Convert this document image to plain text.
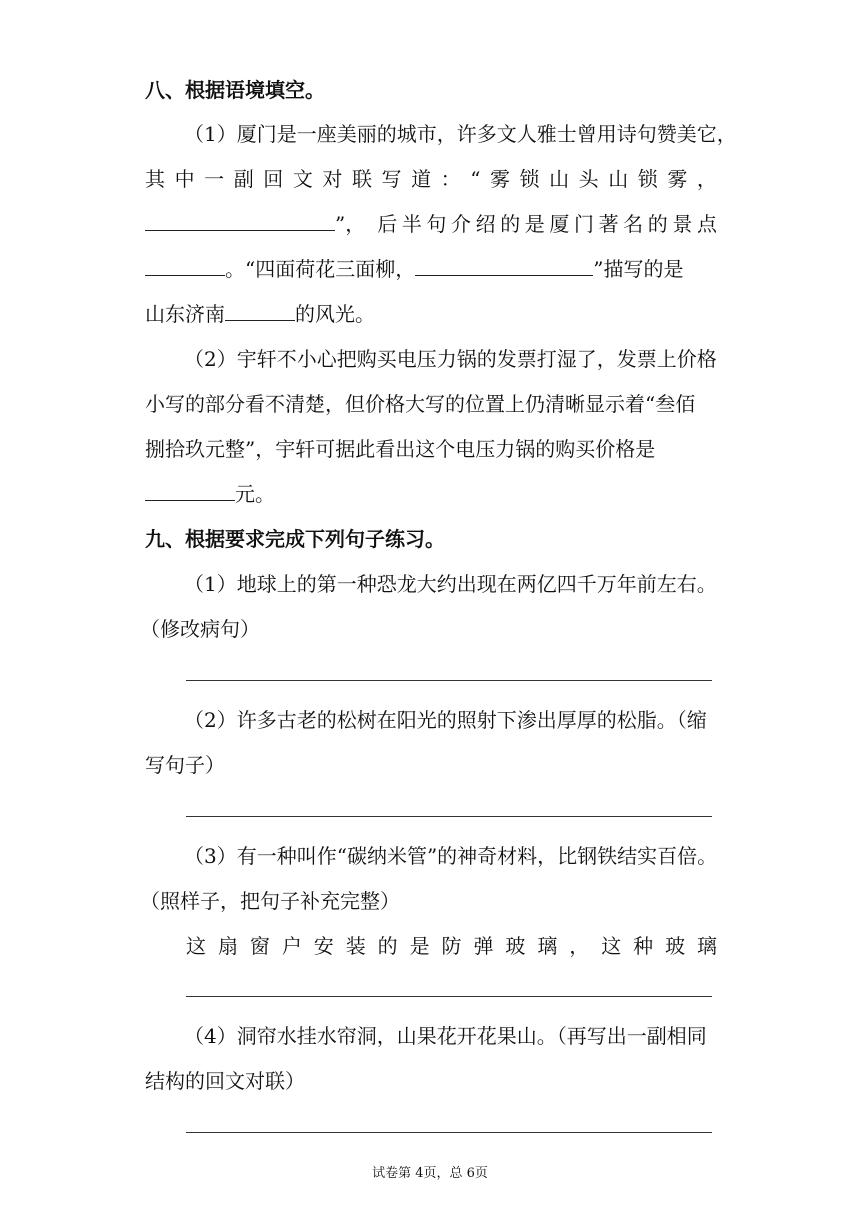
八、根据语境填空。
（1）厦门是一座美丽的城市，许多文人雅士曾用诗句赞美它，
其 中 一 副 回 文 对 联 写 道 ： “ 雾 锁 山 头 山 锁 雾 ，
”， 后 半 句 介 绍 的 是 厦 门 著 名 的 景 点
。“四面荷花三面柳，	”描写的是
山东济南	的风光。
（2）宇轩不小心把购买电压力锅的发票打湿了，发票上价格
小写的部分看不清楚，但价格大写的位置上仍清晰显示着“叁佰
捌拾玖元整”，宇轩可据此看出这个电压力锅的购买价格是
元。
九、根据要求完成下列句子练习。
（1）地球上的第一种恐龙大约出现在两亿四千万年前左右。
（修改病句）
（2）许多古老的松树在阳光的照射下渗出厚厚的松脂。（缩
写句子）
（3）有一种叫作“碳纳米管”的神奇材料，比钢铁结实百倍。
（照样子，把句子补充完整）
这 扇 窗 户 安 装 的 是 防 弹 玻 璃 ， 这 种 玻 璃
（4）洞帘水挂水帘洞，山果花开花果山。（再写出一副相同
结构的回文对联）
试卷第 4页，总 6页
